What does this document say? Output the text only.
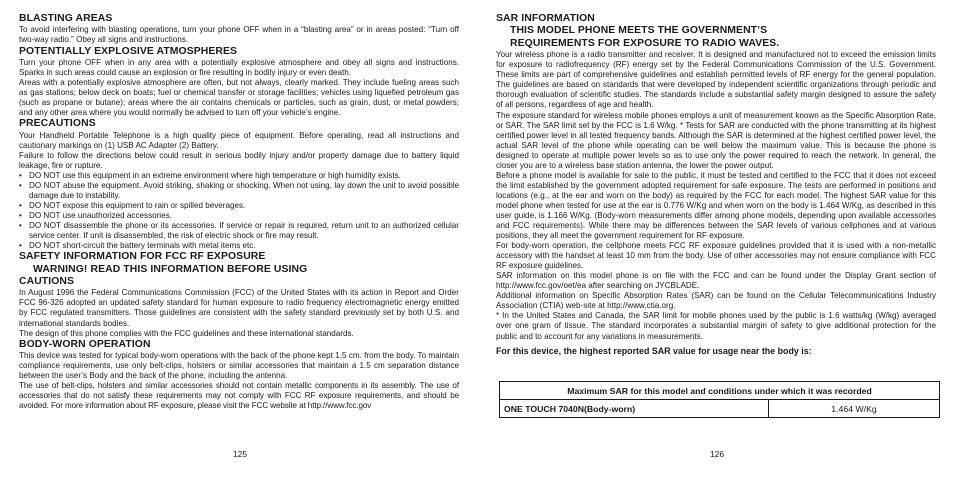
BLASTING AREAS

To avoid interfering with blasting operations, turn your phone OFF when in a “blasting area” or in areas posted: “Turn off two-way radio.” Obey all signs and instructions.

POTENTIALLY EXPLOSIVE ATMOSPHERES

Turn your phone OFF when in any area with a potentially explosive atmosphere and obey all signs and instructions. Sparks in such areas could cause an explosion or fire resulting in bodily injury or even death.

Areas with a potentially explosive atmosphere are often, but not always, clearly marked. They include fueling areas such as gas stations; below deck on boats; fuel or chemical transfer or storage facilities; vehicles using liquefied petroleum gas (such as propane or butane); areas where the air contains chemicals or particles, such as grain, dust, or metal powders; and any other area where you would normally be advised to turn off your vehicle’s engine.

PRECAUTIONS

Your Handheld Portable Telephone is a high quality piece of equipment. Before operating, read all instructions and cautionary markings on (1) USB AC Adapter (2) Battery.

Failure to follow the directions below could result in serious bodily injury and/or property damage due to battery liquid leakage, fire or rupture.

• DO NOT use this equipment in an extreme environment where high temperature or high humidity exists.
• DO NOT abuse the equipment. Avoid striking, shaking or shocking. When not using, lay down the unit to avoid possible damage due to instability.
• DO NOT expose this equipment to rain or spilled beverages.
• DO NOT use unauthorized accessories.
• DO NOT disassemble the phone or its accessories. If service or repair is required, return unit to an authorized cellular service center. If unit is disassembled, the risk of electric shock or fire may result.
• DO NOT short-circuit the battery terminals with metal items etc.
SAFETY INFORMATION FOR FCC RF EXPOSURE
WARNING! READ THIS INFORMATION BEFORE USING
CAUTIONS

In August 1996 the Federal Communications Commission (FCC) of the United States with its action in Report and Order FCC 96-326 adopted an updated safety standard for human exposure to radio frequency electromagnetic energy emitted by FCC regulated transmitters. Those guidelines are consistent with the safety standard previously set by both U.S. and international standards bodies.

The design of this phone complies with the FCC guidelines and these international standards.

BODY-WORN OPERATION

This device was tested for typical body-worn operations with the back of the phone kept 1.5 cm. from the body. To maintain compliance requirements, use only belt-clips, holsters or similar accessories that maintain a 1.5 cm separation distance between the user’s Body and the back of the phone, including the antenna.

The use of belt-clips, holsters and similar accessories should not contain metallic components in its assembly. The use of accessories that do not satisfy these requirements may not comply with FCC RF exposure requirements, and should be avoided. For more information about RF exposure, please visit the FCC website at http://www.fcc.gov

125
SAR INFORMATION
THIS MODEL PHONE MEETS THE GOVERNMENT’S
REQUIREMENTS FOR EXPOSURE TO RADIO WAVES.

Your wireless phone is a radio transmitter and receiver. It is designed and manufactured not to exceed the emission limits for exposure to radiofrequency (RF) energy set by the Federal Communications Commission of the U.S. Government. These limits are part of comprehensive guidelines and establish permitted levels of RF energy for the general population. The guidelines are based on standards that were developed by independent scientific organizations through periodic and thorough evaluation of scientific studies. The standards include a substantial safety margin designed to assure the safety of all persons, regardless of age and health.

The exposure standard for wireless mobile phones employs a unit of measurement known as the Specific Absorption Rate, or SAR. The SAR limit set by the FCC is 1.6 W/kg. * Tests for SAR are conducted with the phone transmitting at its highest certified power level in all tested frequency bands. Although the SAR is determined at the highest certified power level, the actual SAR level of the phone while operating can be well below the maximum value. This is because the phone is designed to operate at multiple power levels so as to use only the power required to reach the network. In general, the closer you are to a wireless base station antenna, the lower the power output.

Before a phone model is available for sale to the public, it must be tested and certified to the FCC that it does not exceed the limit established by the government adopted requirement for safe exposure. The tests are performed in positions and locations (e.g., at the ear and worn on the body) as required by the FCC for each model. The highest SAR value for this model phone when tested for use at the ear is 0.776 W/Kg and when worn on the body is 1.464 W/Kg, as described in this user guide, is 1.166 W/Kg. (Body-worn measurements differ among phone models, depending upon available accessories and FCC requirements). While there may be differences between the SAR levels of various cellphones and at various positions, they all meet the government requirement for RF exposure.

For body-worn operation, the cellphone meets FCC RF exposure guidelines provided that it is used with a non-metallic accessory with the handset at least 10 mm from the body. Use of other accessories may not ensure compliance with FCC RF exposure guidelines.

SAR information on this model phone is on file with the FCC and can be found under the Display Grant section of http://www.fcc.gov/oet/ea after searching on JYCBLADE.

Additional information on Specific Absorption Rates (SAR) can be found on the Cellular Telecommunications Industry Association (CTIA) web-site at http://www.ctia.org.

* In the United States and Canada, the SAR limit for mobile phones used by the public is 1.6 watts/kg (W/kg) averaged over one gram of tissue. The standard incorporates a substantial margin of safety to give additional protection for the public and to account for any variations in measurements.

For this device, the highest reported SAR value for usage near the body is:
Maximum SAR for this model and conditions under which it was recorded
ONE TOUCH 7040N(Body-worn)	1.464 W/Kg
126
